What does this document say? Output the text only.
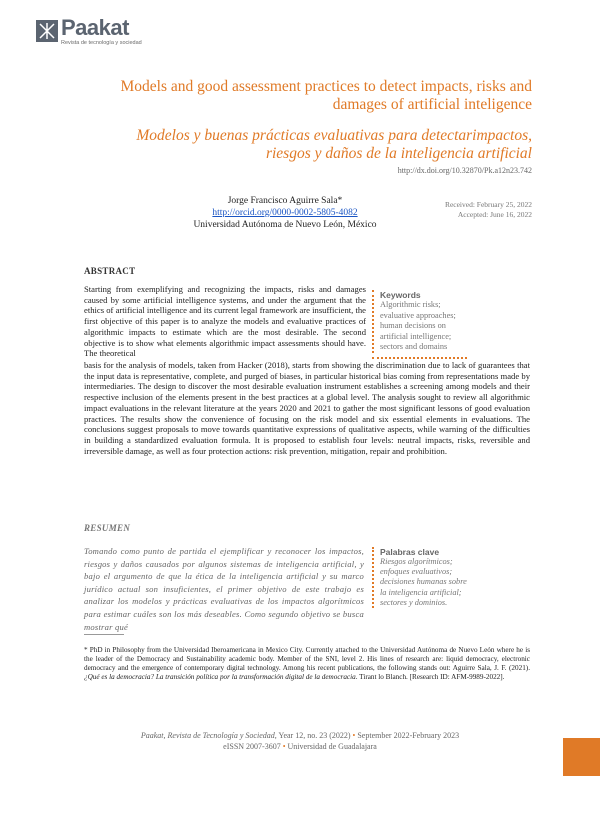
Paakat
Revista de tecnología y sociedad
Models and good assessment practices to detect impacts, risks and damages of artificial inteligence
Modelos y buenas prácticas evaluativas para detectarimpactos, riesgos y daños de la inteligencia artificial
http://dx.doi.org/10.32870/Pk.a12n23.742
Jorge Francisco Aguirre Sala*
http://orcid.org/0000-0002-5805-4082
Universidad Autónoma de Nuevo León, México
Received: February 25, 2022
Accepted: June 16, 2022
ABSTRACT
Starting from exemplifying and recognizing the impacts, risks and damages caused by some artificial intelligence systems, and under the argument that the ethics of artificial intelligence and its current legal framework are insufficient, the first objective of this paper is to analyze the models and evaluative practices of algorithmic impacts to estimate which are the most desirable. The second objective is to show what elements algorithmic impact assessments should have. The theoretical
Keywords
Algorithmic risks; evaluative approaches; human decisions on artificial intelligence; sectors and domains
basis for the analysis of models, taken from Hacker (2018), starts from showing the discrimination due to lack of guarantees that the input data is representative, complete, and purged of biases, in particular historical bias coming from representations made by intermediaries. The design to discover the most desirable evaluation instrument establishes a screening among models and their respective inclusion of the elements present in the best practices at a global level. The analysis sought to review all algorithmic impact evaluations in the relevant literature at the years 2020 and 2021 to gather the most significant lessons of good evaluation practices. The results show the convenience of focusing on the risk model and six essential elements in evaluations. The conclusions suggest proposals to move towards quantitative expressions of qualitative aspects, while warning of the difficulties in building a standardized evaluation formula. It is proposed to establish four levels: neutral impacts, risks, reversible and irreversible damage, as well as four protection actions: risk prevention, mitigation, repair and prohibition.
RESUMEN
Tomando como punto de partida el ejemplificar y reconocer los impactos, riesgos y daños causados por algunos sistemas de inteligencia artificial, y bajo el argumento de que la ética de la inteligencia artificial y su marco jurídico actual son insuficientes, el primer objetivo de este trabajo es analizar los modelos y prácticas evaluativas de los impactos algorítmicos para estimar cuáles son los más deseables. Como segundo objetivo se busca mostrar qué
Palabras clave
Riesgos algorítmicos; enfoques evaluativos; decisiones humanas sobre la inteligencia artificial; sectores y dominios.
* PhD in Philosophy from the Universidad Iberoamericana in Mexico City. Currently attached to the Universidad Autónoma de Nuevo León where he is the leader of the Democracy and Sustainability academic body. Member of the SNI, level 2. His lines of research are: liquid democracy, electronic democracy and the emergence of contemporary digital technology. Among his recent publications, the following stands out: Aguirre Sala, J. F. (2021). ¿Qué es la democracia? La transición política por la transformación digital de la democracia. Tirant lo Blanch. [Research ID: AFM-9989-2022].
Paakat, Revista de Tecnología y Sociedad, Year 12, no. 23 (2022) • September 2022-February 2023
eISSN 2007-3607 • Universidad de Guadalajara
1
